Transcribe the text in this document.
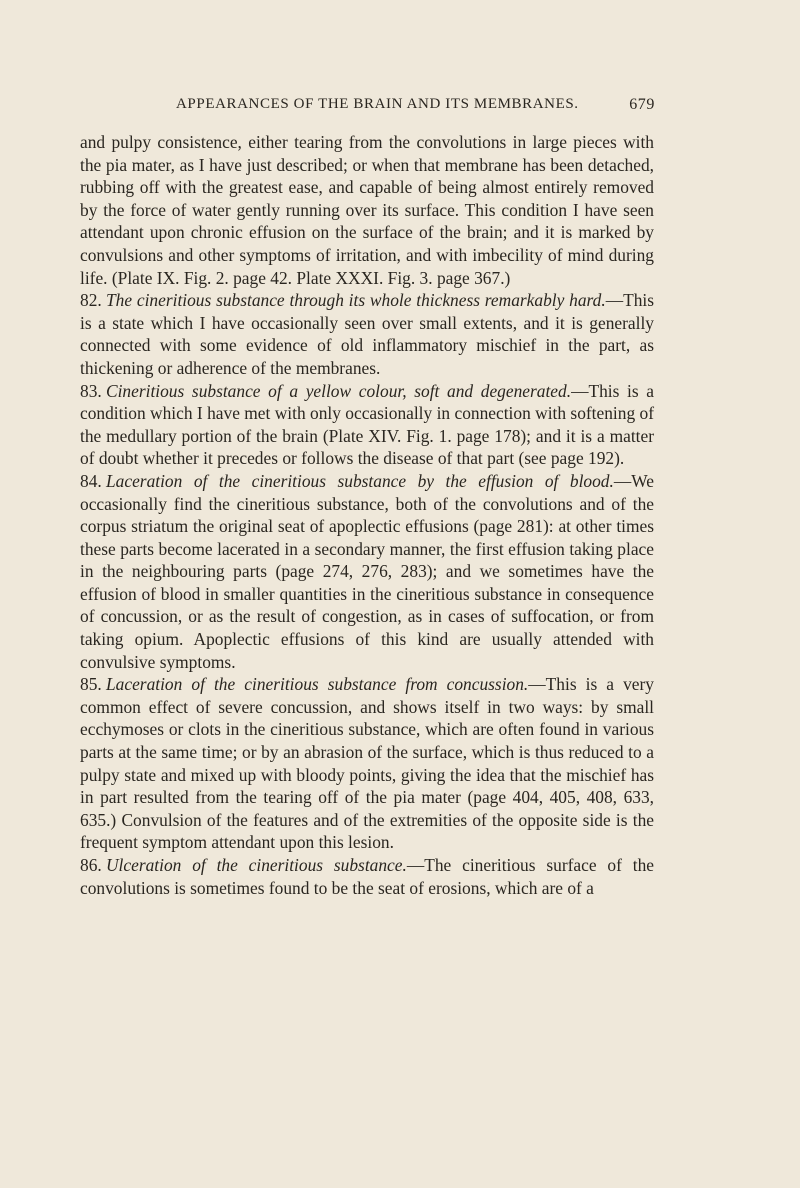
APPEARANCES OF THE BRAIN AND ITS MEMBRANES.	679

and pulpy consistence, either tearing from the convolutions in large pieces with the pia mater, as I have just described; or when that membrane has been detached, rubbing off with the greatest ease, and capable of being almost entirely removed by the force of water gently running over its surface. This condition I have seen attendant upon chronic effusion on the surface of the brain; and it is marked by convulsions and other symptoms of irritation, and with imbecility of mind during life. (Plate IX. Fig. 2. page 42. Plate XXXI. Fig. 3. page 367.)

82. The cineritious substance through its whole thickness remarkably hard.—This is a state which I have occasionally seen over small extents, and it is generally connected with some evidence of old inflammatory mischief in the part, as thickening or adherence of the membranes.

83. Cineritious substance of a yellow colour, soft and degenerated.—This is a condition which I have met with only occasionally in connection with softening of the medullary portion of the brain (Plate XIV. Fig. 1. page 178); and it is a matter of doubt whether it precedes or follows the disease of that part (see page 192).

84. Laceration of the cineritious substance by the effusion of blood.—We occasionally find the cineritious substance, both of the convolutions and of the corpus striatum the original seat of apoplectic effusions (page 281): at other times these parts become lacerated in a secondary manner, the first effusion taking place in the neighbouring parts (page 274, 276, 283); and we sometimes have the effusion of blood in smaller quantities in the cineritious substance in consequence of concussion, or as the result of congestion, as in cases of suffocation, or from taking opium. Apoplectic effusions of this kind are usually attended with convulsive symptoms.

85. Laceration of the cineritious substance from concussion.—This is a very common effect of severe concussion, and shows itself in two ways: by small ecchymoses or clots in the cineritious substance, which are often found in various parts at the same time; or by an abrasion of the surface, which is thus reduced to a pulpy state and mixed up with bloody points, giving the idea that the mischief has in part resulted from the tearing off of the pia mater (page 404, 405, 408, 633, 635.) Convulsion of the features and of the extremities of the opposite side is the frequent symptom attendant upon this lesion.

86. Ulceration of the cineritious substance.—The cineritious surface of the convolutions is sometimes found to be the seat of erosions, which are of a
